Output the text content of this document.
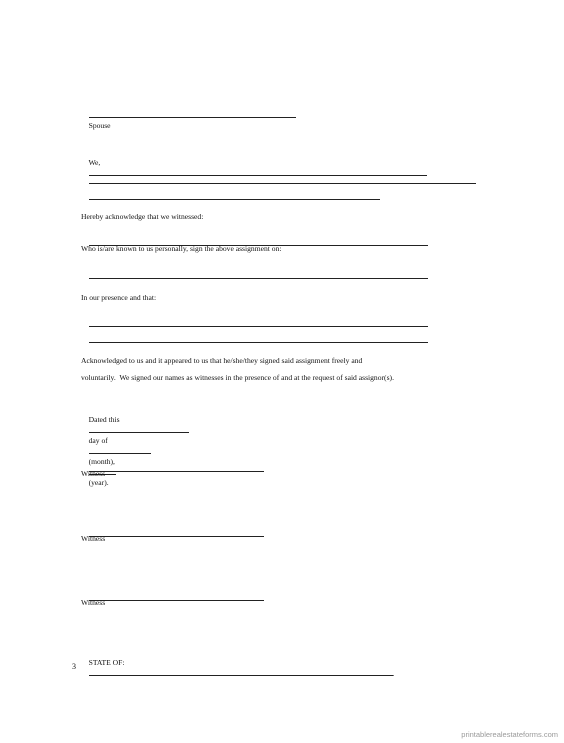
Spouse

We,

Hereby acknowledge that we witnessed:

Who is/are known to us personally, sign the above assignment on:

In our presence and that:

Acknowledged to us and it appeared to us that he/she/they signed said assignment freely and
voluntarily.  We signed our names as witnesses in the presence of and at the request of said assignor(s).

Dated this

day of

(month),

(year).

Witness

Witness

Witness

STATE OF:
.

3
printablerealestateforms.com
